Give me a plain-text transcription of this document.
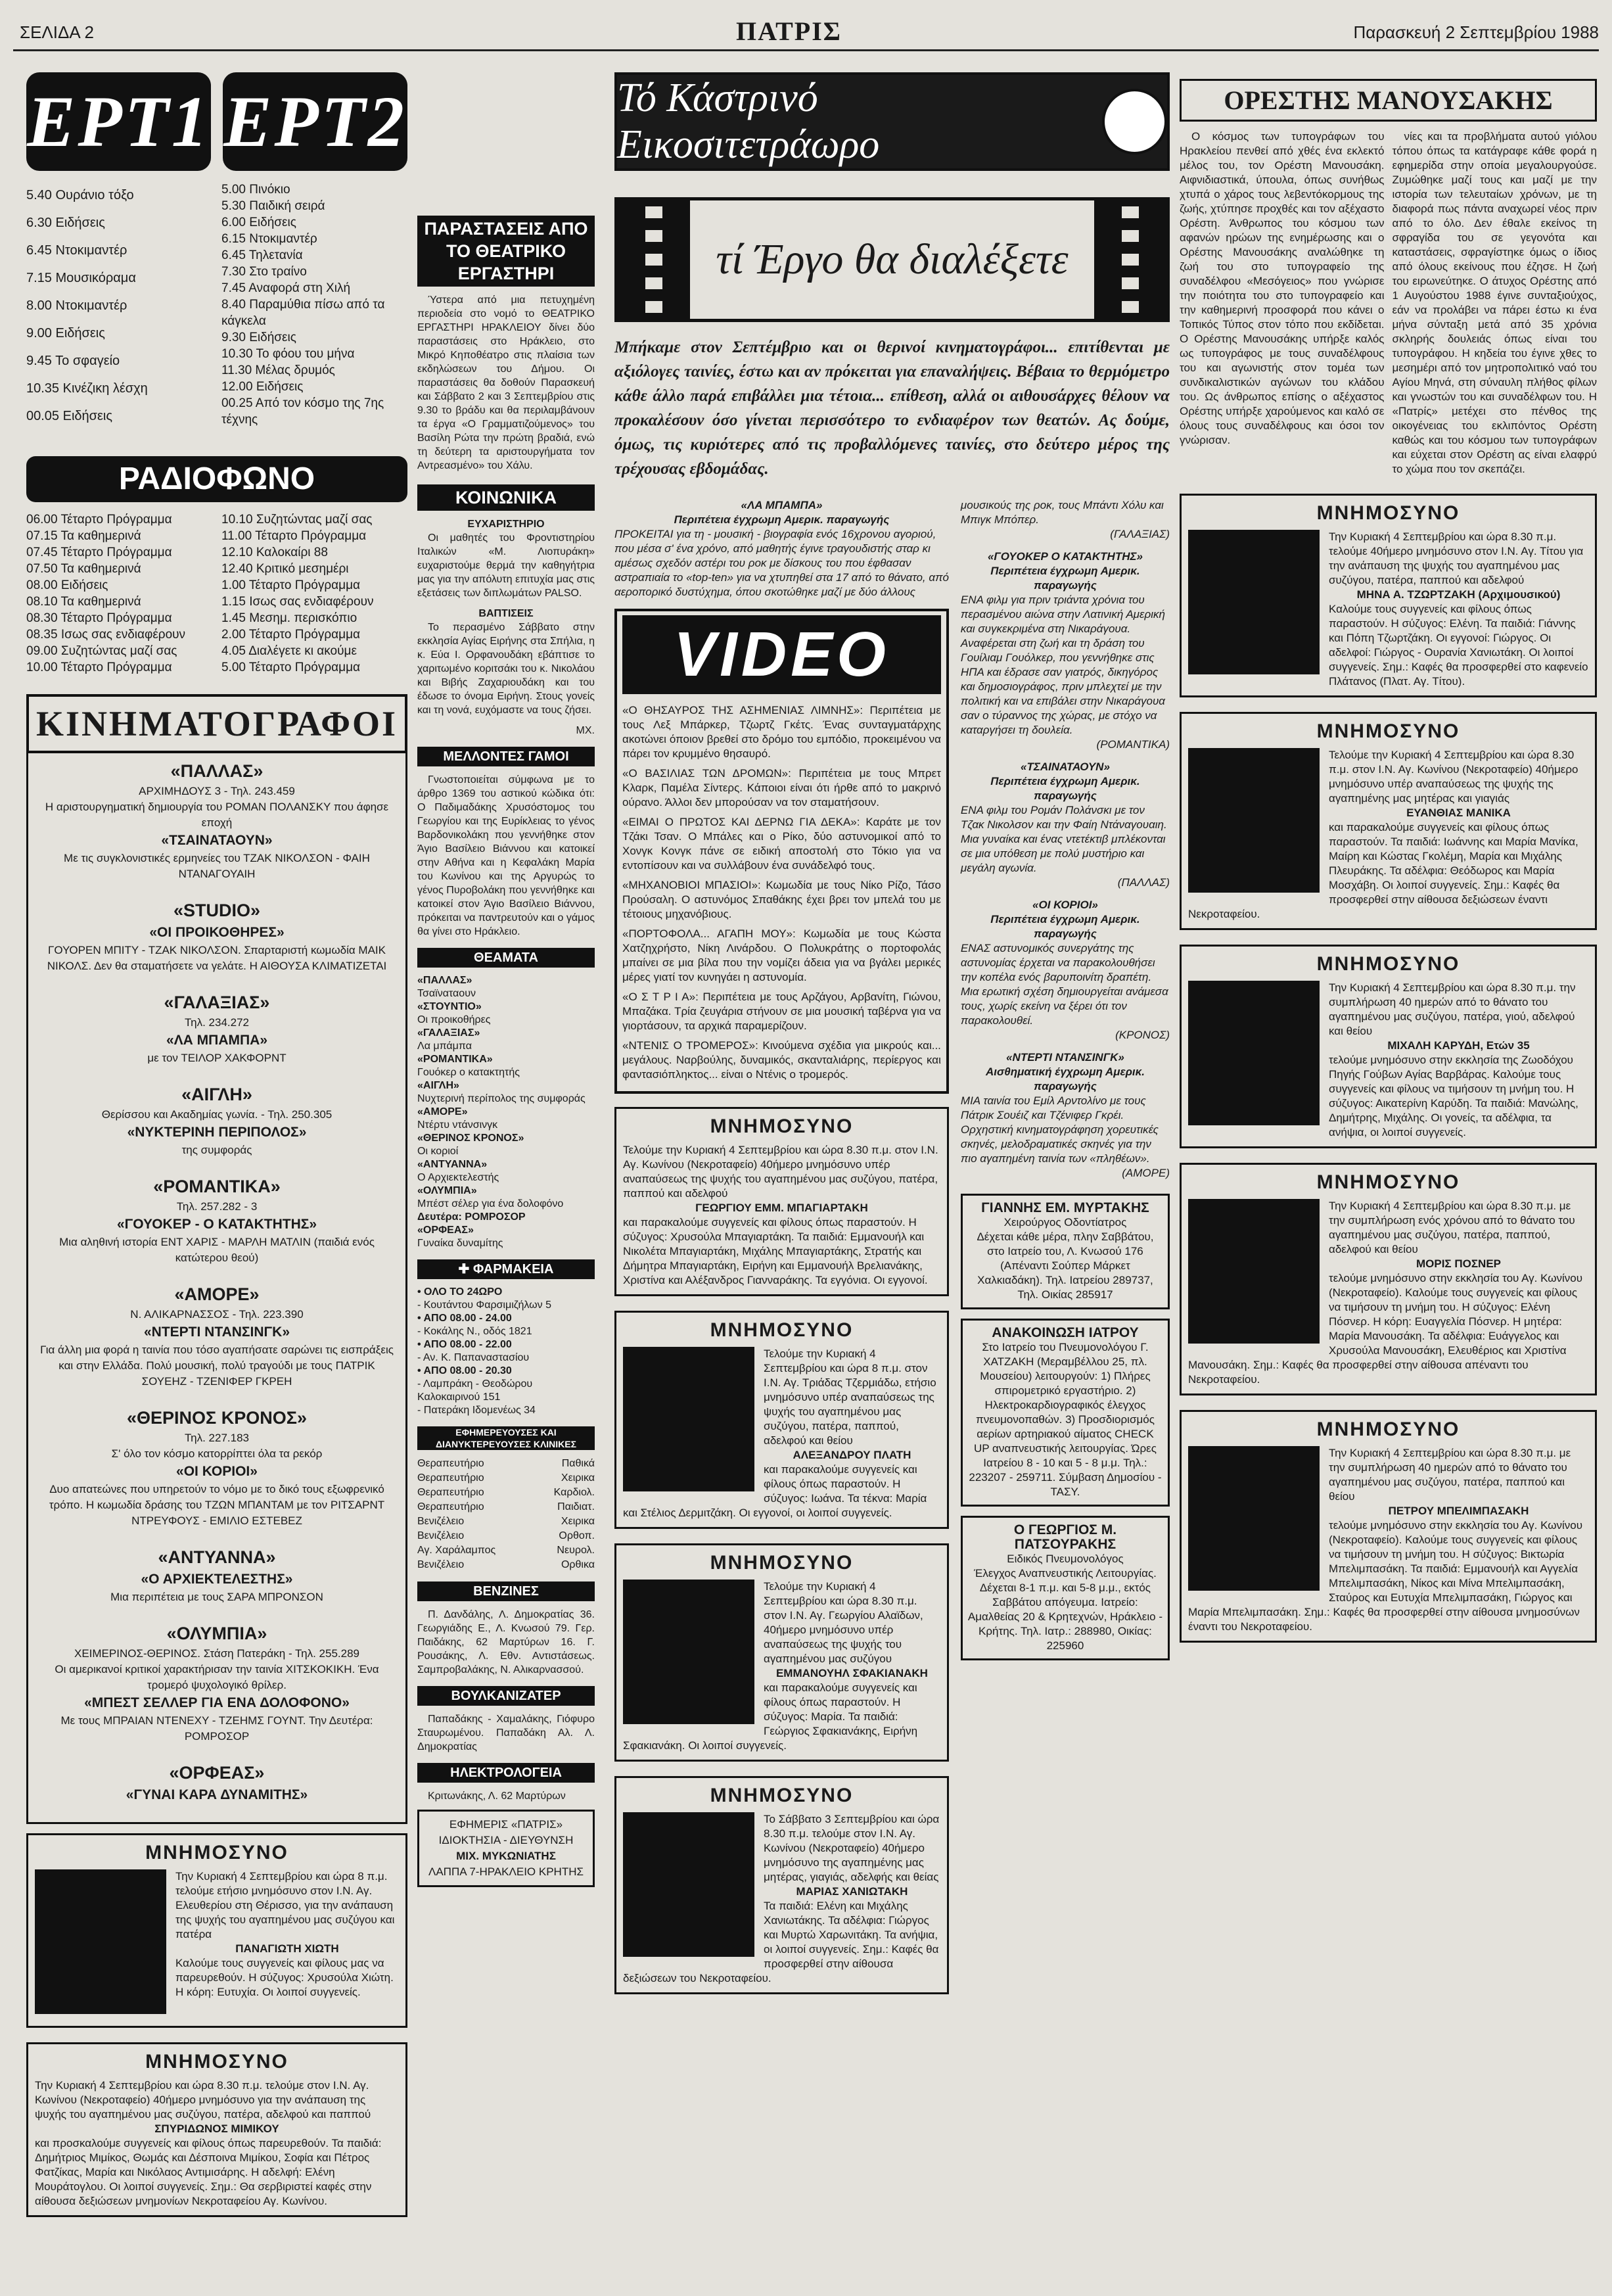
ΣΕΛΙΔΑ 2	ΠΑΤΡΙΣ	Παρασκευή 2 Σεπτεμβρίου 1988
ΕΡΤ1 ΕΡΤ2
5.40 Ουράνιο τόξο
6.30 Ειδήσεις
6.45 Ντοκιμαντέρ
7.15 Μουσικόραμα
8.00 Ντοκιμαντέρ
9.00 Ειδήσεις
9.45 Το σφαγείο
10.35 Κινέζικη λέσχη
00.05 Ειδήσεις
5.00 Πινόκιο
5.30 Παιδική σειρά
6.00 Ειδήσεις
6.15 Ντοκιμαντέρ
6.45 Τηλετανία
7.30 Στο τραίνο
7.45 Αναφορά στη Χιλή
8.40 Παραμύθια πίσω από τα κάγκελα
9.30 Ειδήσεις
10.30 Το φόου του μήνα
11.30 Μέλας δρυμός
12.00 Ειδήσεις
00.25 Από τον κόσμο της 7ης τέχνης
ΡΑΔΙΟΦΩΝΟ
06.00 Τέταρτο Πρόγραμμα
07.15 Τα καθημερινά
07.45 Τέταρτο Πρόγραμμα
07.50 Τα καθημερινά
08.00 Ειδήσεις
08.10 Τα καθημερινά
08.30 Τέταρτο Πρόγραμμα
08.35 Ισως σας ενδιαφέρουν
09.00 Συζητώντας μαζί σας
10.00 Τέταρτο Πρόγραμμα
10.10 Συζητώντας μαζί σας
11.00 Τέταρτο Πρόγραμμα
12.10 Καλοκαίρι 88
12.40 Κριτικό μεσημέρι
1.00 Τέταρτο Πρόγραμμα
1.15 Ισως σας ενδιαφέρουν
1.45 Μεσημ. περισκόπιο
2.00 Τέταρτο Πρόγραμμα
4.05 Διαλέγετε κι ακούμε
5.00 Τέταρτο Πρόγραμμα
ΚΙΝΗΜΑΤΟΓΡΑΦΟΙ
«ΠΑΛΛΑΣ»
ΑΡΧΙΜΗΔΟΥΣ 3 - Τηλ. 243.459
Η αριστουργηματική δημιουργία του ΡΟΜΑΝ ΠΟΛΑΝΣΚΥ που άφησε εποχή
«ΤΣΑΙΝΑΤΑΟΥΝ»
Με τις συγκλονιστικές ερμηνείες του ΤΖΑΚ ΝΙΚΟΛΣΟΝ - ΦΑΙΗ ΝΤΑΝΑΓΟΥΑΙΗ
«STUDIO»
«ΟΙ ΠΡΟΙΚΟΘΗΡΕΣ»
ΓΟΥΟΡΕΝ ΜΠΙΤΥ - ΤΖΑΚ ΝΙΚΟΛΣΟΝ. Σπαρταριστή κωμωδία ΜΑΙΚ ΝΙΚΟΛΣ. Δεν θα σταματήσετε να γελάτε. Η ΑΙΘΟΥΣΑ ΚΛΙΜΑΤΙΖΕΤΑΙ
«ΓΑΛΑΞΙΑΣ»
Τηλ. 234.272
«ΛΑ ΜΠΑΜΠΑ»
με τον ΤΕΙΛΟΡ ΧΑΚΦΟΡΝΤ
«ΑΙΓΛΗ»
Θερίσσου και Ακαδημίας γωνία. - Τηλ. 250.305
«ΝΥΚΤΕΡΙΝΗ ΠΕΡΙΠΟΛΟΣ»
της συμφοράς
«ΡΟΜΑΝΤΙΚΑ»
Τηλ. 257.282 - 3
«ΓΟΥΟΚΕΡ - Ο ΚΑΤΑΚΤΗΤΗΣ»
Μια αληθινή ιστορία ΕΝΤ ΧΑΡΙΣ - ΜΑΡΛΗ ΜΑΤΛΙΝ (παιδιά ενός κατώτερου θεού)
«ΑΜΟΡΕ»
Ν. ΑΛΙΚΑΡΝΑΣΣΟΣ - Τηλ. 223.390
«ΝΤΕΡΤΙ ΝΤΑΝΣΙΝΓΚ»
Για άλλη μια φορά η ταινία που τόσο αγαπήσατε σαρώνει τις εισπράξεις και στην Ελλάδα. Πολύ μουσική, πολύ τραγούδι με τους ΠΑΤΡΙΚ ΣΟΥΕΗΖ - ΤΖΕΝΙΦΕΡ ΓΚΡΕΗ
«ΘΕΡΙΝΟΣ ΚΡΟΝΟΣ»
Τηλ. 227.183
Σ' όλο τον κόσμο κατορρίπτει όλα τα ρεκόρ
«ΟΙ ΚΟΡΙΟΙ»
Δυο απατεώνες που υπηρετούν το νόμο με το δικό τους εξωφρενικό τρόπο. Η κωμωδία δράσης του ΤΖΩΝ ΜΠΑΝΤΑΜ με τον ΡΙΤΣΑΡΝΤ ΝΤΡΕΥΦΟΥΣ - ΕΜΙΛΙΟ ΕΣΤΕΒΕΖ
«ΑΝΤΥΑΝΝΑ»
«Ο ΑΡΧΙΕΚΤΕΛΕΣΤΗΣ»
Μια περιπέτεια με τους ΣΑΡΑ ΜΠΡΟΝΣΟΝ
«ΟΛΥΜΠΙΑ»
ΧΕΙΜΕΡΙΝΟΣ-ΘΕΡΙΝΟΣ. Στάση Πατεράκη - Τηλ. 255.289
Οι αμερικανοί κριτικοί χαρακτήρισαν την ταινία ΧΙΤΣΚΟΚΙΚΗ. Ένα τρομερό ψυχολογικό θρίλερ.
«ΜΠΕΣΤ ΣΕΛΛΕΡ ΓΙΑ ΕΝΑ ΔΟΛΟΦΟΝΟ»
Με τους ΜΠΡΑΙΑΝ ΝΤΕΝΕΧΥ - ΤΖΕΗΜΣ ΓΟΥΝΤ. Την Δευτέρα: ΡΟΜΡΟΣΟΡ
«ΟΡΦΕΑΣ»
«ΓΥΝΑΙ ΚΑΡΑ ΔΥΝΑΜΙΤΗΣ»
ΜΝΗΜΟΣΥΝΟ
Την Κυριακή 4 Σεπτεμβρίου και ώρα 8 π.μ. τελούμε ετήσιο μνημόσυνο στον Ι.Ν. Αγ. Ελευθερίου στη Θέρισσο, για την ανάπαυση της ψυχής του αγαπημένου μας συζύγου και πατέρα
ΠΑΝΑΓΙΩΤΗ ΧΙΩΤΗ
Καλούμε τους συγγενείς και φίλους μας να παρευρεθούν. Η σύζυγος: Χρυσούλα Χιώτη. Η κόρη: Ευτυχία. Οι λοιποί συγγενείς.
ΜΝΗΜΟΣΥΝΟ
Την Κυριακή 4 Σεπτεμβρίου και ώρα 8.30 π.μ. τελούμε στον Ι.Ν. Αγ. Κωνίνου (Νεκροταφείο) 40ήμερο μνημόσυνο για την ανάπαυση της ψυχής του αγαπημένου μας συζύγου, πατέρα, αδελφού και παππού
ΣΠΥΡΙΔΩΝΟΣ ΜΙΜΙΚΟΥ
και προσκαλούμε συγγενείς και φίλους όπως παρευρεθούν. Τα παιδιά: Δημήτριος Μιμίκος, Θωμάς και Δέσποινα Μιμίκου, Σοφία και Πέτρος Φατζίκας, Μαρία και Νικόλαος Αντιμισάρης. Η αδελφή: Ελένη Μουράτογλου. Οι λοιποί συγγενείς. Σημ.: Θα σερβιριστεί καφές στην αίθουσα δεξιώσεων μνημονίων Νεκροταφείου Αγ. Κωνίνου.
ΠΑΡΑΣΤΑΣΕΙΣ ΑΠΟ ΤΟ ΘΕΑΤΡΙΚΟ ΕΡΓΑΣΤΗΡΙ

Ύστερα από μια πετυχημένη περιοδεία στο νομό το ΘΕΑΤΡΙΚΟ ΕΡΓΑΣΤΗΡΙ ΗΡΑΚΛΕΙΟΥ δίνει δύο παραστάσεις στο Ηράκλειο, στο Μικρό Κηποθέατρο στις πλαίσια των εκδηλώσεων του Δήμου. Οι παραστάσεις θα δοθούν Παρασκευή και Σάββατο 2 και 3 Σεπτεμβρίου στις 9.30 το βράδυ και θα περιλαμβάνουν τα έργα «Ο Γραμματιζούμενος» του Βασίλη Ρώτα την πρώτη βραδιά, ενώ τη δεύτερη τα αριστουργήματα τον Αντρεασμένο» του Χάλυ.

ΚΟΙΝΩΝΙΚΑ
ΕΥΧΑΡΙΣΤΗΡΙΟ

Οι μαθητές του Φροντιστηρίου Ιταλικών «Μ. Λιοπυράκη» ευχαριστούμε θερμά την καθηγήτρια μας για την απόλυτη επιτυχία μας στις εξετάσεις των διπλωμάτων PALSO.

ΒΑΠΤΙΣΕΙΣ

Το περασμένο Σάββατο στην εκκλησία Αγίας Ειρήνης στα Σπήλια, η κ. Εύα Ι. Ορφανουδάκη εβάπτισε το χαριτωμένο κοριτσάκι του κ. Νικολάου και Βιβής Ζαχαριουδάκη και του έδωσε το όνομα Ειρήνη. Στους γονείς και τη νονά, ευχόμαστε να τους ζήσει.

ΜΧ.
ΜΕΛΛΟΝΤΕΣ ΓΑΜΟΙ

Γνωστοποιείται σύμφωνα με το άρθρο 1369 του αστικού κώδικα ότι: Ο Παδιμαδάκης Χρυσόστομος του Γεωργίου και της Ευρίκλειας το γένος Βαρδονικολάκη που γεννήθηκε στον Άγιο Βασίλειο Βιάννου και κατοικεί στην Αθήνα και η Κεφαλάκη Μαρία του Κωνίνου και της Αργυρώς το γένος Πυροβολάκη που γεννήθηκε και κατοικεί στον Άγιο Βασίλειο Βιάννου, πρόκειται να παντρευτούν και ο γάμος θα γίνει στο Ηράκλειο.

ΘΕΑΜΑΤΑ
«ΠΑΛΛΑΣ»
Τσαϊναταουν
«ΣΤΟΥΝΤΙΟ»
Οι προικοθήρες
«ΓΑΛΑΞΙΑΣ»
Λα μπάμπα
«ΡΟΜΑΝΤΙΚΑ»
Γουόκερ ο κατακτητής
«ΑΙΓΛΗ»
Νυχτερινή περίπολος της συμφοράς
«ΑΜΟΡΕ»
Ντέρτυ ντάνσινγκ
«ΘΕΡΙΝΟΣ ΚΡΟΝΟΣ»
Οι κοριοί
«ΑΝΤΥΑΝΝΑ»
Ο Αρχιεκτελεστής
«ΟΛΥΜΠΙΑ»
Μπέστ σέλερ για ένα δολοφόνο
Δευτέρα: ΡΟΜΡΟΣΟΡ
«ΟΡΦΕΑΣ»
Γυναίκα δυναμίτης
✚ ΦΑΡΜΑΚΕΙΑ
• ΟΛΟ ΤΟ 24ΩΡΟ
- Κουτάντου Φαρσιμιζήλων 5
• ΑΠΟ 08.00 - 24.00
- Κοκάλης Ν., οδός 1821
• ΑΠΟ 08.00 - 22.00
- Αν. Κ. Παπαναστασίου
• ΑΠΟ 08.00 - 20.30
- Λαμπράκη - Θεοδώρου Καλοκαιρινού 151
- Πατεράκη Ιδομενέως 34
ΕΦΗΜΕΡΕΥΟΥΣΕΣ ΚΑΙ ΔΙΑΝΥΚΤΕΡΕΥΟΥΣΕΣ ΚΛΙΝΙΚΕΣ
Θεραπευτήριο	Παθικά
Θεραπευτήριο	Χειρικα
Θεραπευτήριο	Καρδιολ.
Θεραπευτήριο	Παιδιατ.
Βενιζέλειο	Χειρικα
Βενιζέλειο	Ορθοπ.
Αγ. Χαράλαμπος	Νευρολ.
Βενιζέλειο	Ορθικα
ΒΕΝΖΙΝΕΣ

Π. Δανδάλης, Λ. Δημοκρατίας 36. Γεωργιάδης Ε., Λ. Κνωσού 79. Γερ. Παιδάκης, 62 Μαρτύρων 16. Γ. Ρουσάκης, Λ. Εθν. Αντιστάσεως. Σαμπροβαλάκης, Ν. Αλικαρνασσού.

ΒΟΥΛΚΑΝΙΖΑΤΕΡ

Παπαδάκης - Χαμαλάκης, Γιόφυρο Σταυρωμένου. Παπαδάκη Αλ. Λ. Δημοκρατίας

ΗΛΕΚΤΡΟΛΟΓΕΙΑ

Κριτωνάκης, Λ. 62 Μαρτύρων

ΕΦΗΜΕΡΙΣ «ΠΑΤΡΙΣ»
ΙΔΙΟΚΤΗΣΙΑ - ΔΙΕΥΘΥΝΣΗ
ΜΙΧ. ΜΥΚΩΝΙΑΤΗΣ
ΛΑΠΠΑ 7-ΗΡΑΚΛΕΙΟ ΚΡΗΤΗΣ
Τό Κάστρινό Εικοσιτετράωρο
τί Έργο θα διαλέξετε
Μπήκαμε στον Σεπτέμβριο και οι θερινοί κινηματογράφοι... επιτίθενται με αξιόλογες ταινίες, έστω και αν πρόκειται για επαναλήψεις. Βέβαια το θερμόμετρο κάθε άλλο παρά επιβάλλει μια τέτοια... επίθεση, αλλά οι αιθουσάρχες θέλουν να προκαλέσουν όσο γίνεται περισσότερο το ενδιαφέρον των θεατών. Ας δούμε, όμως, τις κυριότερες από τις προβαλλόμενες ταινίες, στο δεύτερο μέρος της τρέχουσας εβδομάδας.
«ΛΑ ΜΠΑΜΠΑ»
Περιπέτεια έγχρωμη Αμερικ. παραγωγής
ΠΡΟΚΕΙΤΑΙ για τη - μουσική - βιογραφία ενός 16χρονου αγοριού, που μέσα σ' ένα χρόνο, από μαθητής έγινε τραγουδιστής σταρ κι αμέσως σχεδόν αστέρι του ροκ με δίσκους του που έφθασαν αστραπιαία το «top-ten» για να χτυπηθεί στα 17 από το θάνατο, από αεροπορικό δυστύχημα, όπου σκοτώθηκε μαζί με δύο άλλους
VIDEO

«Ο ΘΗΣΑΥΡΟΣ ΤΗΣ ΑΣΗΜΕΝΙΑΣ ΛΙΜΝΗΣ»: Περιπέτεια με τους Λεξ Μπάρκερ, Τζωρτζ Γκέτς. Ένας συνταγματάρχης ακοτώνει όποιον βρεθεί στο δρόμο του εμπόδιο, προκειμένου να πάρει τον κρυμμένο θησαυρό.

«Ο ΒΑΣΙΛΙΑΣ ΤΩΝ ΔΡΟΜΩΝ»: Περιπέτεια με τους Μπρετ Κλαρκ, Παμέλα Σίντερς. Κάποιοι είναι ότι ήρθε από το μακρινό ούρανο. Άλλοι δεν μπορούσαν να τον σταματήσουν.

«ΕΙΜΑΙ Ο ΠΡΩΤΟΣ ΚΑΙ ΔΕΡΝΩ ΓΙΑ ΔΕΚΑ»: Καράτε με τον Τζάκι Τσαν. Ο Μπάλες και ο Ρίκο, δύο αστυνομικοί από το Χονγκ Κονγκ πάνε σε ειδική αποστολή στο Τόκιο για να εντοπίσουν και να συλλάβουν ένα συνάδελφό τους.

«ΜΗΧΑΝΟΒΙΟΙ ΜΠΑΣΙΟΙ»: Κωμωδία με τους Νίκο Ρίζο, Τάσο Προύσαλη. Ο αστυνόμος Σπαθάκης έχει βρει τον μπελά του με τέτοιους μηχανόβιους.

«ΠΟΡΤΟΦΟΛΑ... ΑΓΑΠΗ ΜΟΥ»: Κωμωδία με τους Κώστα Χατζηχρήστο, Νίκη Λινάρδου. Ο Πολυκράτης ο πορτοφολάς μπαίνει σε μια βίλα που την νομίζει άδεια για να βγάλει μερικές μέρες γιατί τον κυνηγάει η αστυνομία.

«Ο Σ Τ Ρ Ι Α»: Περιπέτεια με τους Αρζάγου, Αρβανίτη, Γιώνου, Μπαζάκα. Τρία ζευγάρια στήνουν σε μια μουσική ταβέρνα για να γιορτάσουν, τα αρχικά παραμερίζουν.

«ΝΤΕΝΙΣ Ο ΤΡΟΜΕΡΟΣ»: Κινούμενα σχέδια για μικρούς και... μεγάλους. Ναρβούλης, δυναμικός, σκανταλιάρης, περίεργος και φαντασιόπληκτος... είναι ο Ντένις ο τρομερός.

ΜΝΗΜΟΣΥΝΟ
Τελούμε την Κυριακή 4 Σεπτεμβρίου και ώρα 8.30 π.μ. στον Ι.Ν. Αγ. Κωνίνου (Νεκροταφείο) 40ήμερο μνημόσυνο υπέρ αναπαύσεως της ψυχής του αγαπημένου μας συζύγου, πατέρα, παππού και αδελφού
ΓΕΩΡΓΙΟΥ ΕΜΜ. ΜΠΑΓΙΑΡΤΑΚΗ
και παρακαλούμε συγγενείς και φίλους όπως παραστούν. Η σύζυγος: Χρυσούλα Μπαγιαρτάκη. Τα παιδιά: Εμμανουήλ και Νικολέτα Μπαγιαρτάκη, Μιχάλης Μπαγιαρτάκης, Στρατής και Δήμητρα Μπαγιαρτάκη, Ειρήνη και Εμμανουήλ Βρελιανάκης, Χριστίνα και Αλέξανδρος Γιανναράκης. Τα εγγόνια. Οι εγγονοί.
ΜΝΗΜΟΣΥΝΟ
Τελούμε την Κυριακή 4 Σεπτεμβρίου και ώρα 8 π.μ. στον Ι.Ν. Αγ. Τριάδας Τζερμιάδω, ετήσιο μνημόσυνο υπέρ αναπαύσεως της ψυχής του αγαπημένου μας συζύγου, πατέρα, παππού, αδελφού και θείου
ΑΛΕΞΑΝΔΡΟΥ ΠΛΑΤΗ
και παρακαλούμε συγγενείς και φίλους όπως παραστούν. Η σύζυγος: Ιωάνα. Τα τέκνα: Μαρία και Στέλιος Δερμιτζάκη. Οι εγγονοί, οι λοιποί συγγενείς.
ΜΝΗΜΟΣΥΝΟ
Τελούμε την Κυριακή 4 Σεπτεμβρίου και ώρα 8.30 π.μ. στον Ι.Ν. Αγ. Γεωργίου Αλαϊδων, 40ήμερο μνημόσυνο υπέρ αναπαύσεως της ψυχής του αγαπημένου μας συζύγου
ΕΜΜΑΝΟΥΗΛ ΣΦΑΚΙΑΝΑΚΗ
και παρακαλούμε συγγενείς και φίλους όπως παραστούν. Η σύζυγος: Μαρία. Τα παιδιά: Γεώργιος Σφακιανάκης, Ειρήνη Σφακιανάκη. Οι λοιποί συγγενείς.
ΜΝΗΜΟΣΥΝΟ
Το Σάββατο 3 Σεπτεμβρίου και ώρα 8.30 π.μ. τελούμε στον Ι.Ν. Αγ. Κωνίνου (Νεκροταφείο) 40ήμερο μνημόσυνο της αγαπημένης μας μητέρας, γιαγιάς, αδελφής και θείας
ΜΑΡΙΑΣ ΧΑΝΙΩΤΑΚΗ
Τα παιδιά: Ελένη και Μιχάλης Χανιωτάκης. Τα αδέλφια: Γιώργος και Μυρτώ Χαρωνιτάκη. Τα ανήψια, οι λοιποί συγγενείς. Σημ.: Καφές θα προσφερθεί στην αίθουσα δεξιώσεων του Νεκροταφείου.
μουσικούς της ροκ, τους Μπάντι Χόλυ και Μπιγκ Μπόπερ.
(ΓΑΛΑΞΙΑΣ)
«ΓΟΥΟΚΕΡ Ο ΚΑΤΑΚΤΗΤΗΣ»
Περιπέτεια έγχρωμη Αμερικ. παραγωγής
ΕΝΑ φιλμ για πριν τριάντα χρόνια του περασμένου αιώνα στην Λατινική Αμερική και συγκεκριμένα στη Νικαράγουα. Αναφέρεται στη ζωή και τη δράση του Γουίλιαμ Γουόλκερ, που γεννήθηκε στις ΗΠΑ και έδρασε σαν γιατρός, δικηγόρος και δημοσιογράφος, πριν μπλεχτεί με την πολιτική και να επιβάλει στην Νικαράγουα σαν ο τύραννος της χώρας, με στόχο να καταργήσει τη δουλεία.
(ΡΟΜΑΝΤΙΚΑ)
«ΤΣΑΙΝΑΤΑΟΥΝ»
Περιπέτεια έγχρωμη Αμερικ. παραγωγής
ΕΝΑ φιλμ του Ρομάν Πολάνσκι με τον Τζακ Νικολσον και την Φαίη Ντάναγουαιη. Μια γυναίκα και ένας ντετέκτιβ μπλέκονται σε μια υπόθεση με πολύ μυστήριο και μεγάλη αγωνία.
(ΠΑΛΛΑΣ)
«ΟΙ ΚΟΡΙΟΙ»
Περιπέτεια έγχρωμη Αμερικ. παραγωγής
ΕΝΑΣ αστυνομικός συνεργάτης της αστυνομίας έρχεται να παρακολουθήσει την κοπέλα ενός βαρυποινίτη δραπέτη. Μια ερωτική σχέση δημιουργείται ανάμεσα τους, χωρίς εκείνη να ξέρει ότι τον παρακολουθεί.
(ΚΡΟΝΟΣ)
«ΝΤΕΡΤΙ ΝΤΑΝΣΙΝΓΚ»
Αισθηματική έγχρωμη Αμερικ. παραγωγής
ΜΙΑ ταινία του Εμίλ Αρντολίνο με τους Πάτρικ Σουέιζ και Τζένιφερ Γκρέι. Ορχηστική κινηματογράφηση χορευτικές σκηνές, μελοδραματικές σκηνές για την πιο αγαπημένη ταινία των «πληθέων».
(ΑΜΟΡΕ)
ΓΙΑΝΝΗΣ ΕΜ. ΜΥΡΤΑΚΗΣ
Χειρούργος Οδοντίατρος
Δέχεται κάθε μέρα, πλην Σαββάτου, στο Ιατρείο του, Λ. Κνωσού 176 (Απέναντι Σούπερ Μάρκετ Χαλκιαδάκη). Τηλ. Ιατρείου 289737, Τηλ. Οικίας 285917
ΑΝΑΚΟΙΝΩΣΗ ΙΑΤΡΟΥ
Στο Ιατρείο του Πνευμονολόγου Γ. ΧΑΤΖΑΚΗ (Μεραμβέλλου 25, πλ. Μουσείου) λειτουργούν: 1) Πλήρες σπιρομετρικό εργαστήριο. 2) Ηλεκτροκαρδιογραφικός έλεγχος πνευμονοπαθών. 3) Προσδιορισμός αερίων αρτηριακού αίματος CHECK UP αναπνευστικής λειτουργίας. Ώρες Ιατρείου 8 - 10 και 5 - 8 μ.μ. Τηλ.: 223207 - 259711. Σύμβαση Δημοσίου - ΤΑΣΥ.
Ο ΓΕΩΡΓΙΟΣ Μ. ΠΑΤΣΟΥΡΑΚΗΣ
Ειδικός Πνευμονολόγος
Έλεγχος Αναπνευστικής Λειτουργίας. Δέχεται 8-1 π.μ. και 5-8 μ.μ., εκτός Σαββάτου απόγευμα. Ιατρείο: Αμαλθείας 20 & Κρητεχνών, Ηράκλειο - Κρήτης. Τηλ. Ιατρ.: 288980, Οικίας: 225960
ΟΡΕΣΤΗΣ ΜΑΝΟΥΣΑΚΗΣ

Ο κόσμος των τυπογράφων του Ηρακλείου πενθεί από χθές ένα εκλεκτό μέλος του, τον Ορέστη Μανουσάκη. Αιφνιδιαστικά, ύπουλα, όπως συνήθως χτυπά ο χάρος τους λεβεντόκορμους της ζωής, χτύπησε προχθές και τον αξέχαστο Ορέστη. Άνθρωπος του κόσμου των αφανών ηρώων της ενημέρωσης και ο Ορέστης Μανουσάκης αναλώθηκε τη ζωή του στο τυπογραφείο της συναδέλφου «Μεσόγειος» που γνώρισε την ποιότητα του στο τυπογραφείο και την καθημερινή προσφορά που κάνει ο Τοπικός Τύπος στον τόπο που εκδίδεται. Ο Ορέστης Μανουσάκης υπήρξε καλός ως τυπογράφος με τους συναδέλφους του και αγωνιστής στον τομέα των συνδικαλιστικών αγώνων του κλάδου του. Ως άνθρωπος επίσης ο αξέχαστος Ορέστης υπήρξε χαρούμενος και καλό σε όλους τους συναδέλφους και όσοι τον γνώρισαν.

νίες και τα προβλήματα αυτού γιόλου τόπου όπως τα κατάγραφε κάθε φορά η εφημερίδα στην οποία μεγαλουργούσε. Ζυμώθηκε μαζί τους και μαζί με την ιστορία των τελευταίων χρόνων, με τη διαφορά πως πάντα αναχωρεί νέος πριν από το όλο. Δεν έθαλε εκείνος τη σφραγίδα του σε γεγονότα και καταστάσεις, σφραγίστηκε όμως ο ίδιος από όλους εκείνους που έζησε. Η ζωή του ειρωνεύτηκε. Ο άτυχος Ορέστης από 1 Αυγούστου 1988 έγινε συνταξιούχος, εάν να προλάβει να πάρει έστω κι ένα μήνα σύνταξη μετά από 35 χρόνια σκληρής δουλειάς όπως είναι του τυπογράφου. Η κηδεία του έγινε χθες το μεσημέρι από τον μητροπολιτικό ναό του Αγίου Μηνά, στη σύναυλη πλήθος φίλων και γνωστών του και συναδέλφων του. Η «Πατρίς» μετέχει στο πένθος της οικογένειας του εκλιπόντος Ορέστη καθώς και του κόσμου των τυπογράφων και εύχεται στον Ορέστη ας είναι ελαφρύ το χώμα που τον σκεπάζει.

ΜΝΗΜΟΣΥΝΟ
Την Κυριακή 4 Σεπτεμβρίου και ώρα 8.30 π.μ. τελούμε 40ήμερο μνημόσυνο στον Ι.Ν. Αγ. Τίτου για την ανάπαυση της ψυχής του αγαπημένου μας συζύγου, πατέρα, παππού και αδελφού
ΜΗΝΑ Α. ΤΖΩΡΤΖΑΚΗ (Αρχιμουσικού)
Καλούμε τους συγγενείς και φίλους όπως παραστούν. Η σύζυγος: Ελένη. Τα παιδιά: Γιάννης και Πόπη Τζωρτζάκη. Οι εγγονοί: Γιώργος. Οι αδελφοί: Γιώργος - Ουρανία Χανιωτάκη. Οι λοιποί συγγενείς. Σημ.: Καφές θα προσφερθεί στο καφενείο Πλάτανος (Πλατ. Αγ. Τίτου).
ΜΝΗΜΟΣΥΝΟ
Τελούμε την Κυριακή 4 Σεπτεμβρίου και ώρα 8.30 π.μ. στον Ι.Ν. Αγ. Κωνίνου (Νεκροταφείο) 40ήμερο μνημόσυνο υπέρ αναπαύσεως της ψυχής της αγαπημένης μας μητέρας και γιαγιάς
ΕΥΑΝΘΙΑΣ ΜΑΝΙΚΑ
και παρακαλούμε συγγενείς και φίλους όπως παραστούν. Τα παιδιά: Ιωάννης και Μαρία Μανίκα, Μαίρη και Κώστας Γκολέμη, Μαρία και Μιχάλης Πλευράκης. Τα αδέλφια: Θεόδωρος και Μαρία Μοσχάβη. Οι λοιποί συγγενείς. Σημ.: Καφές θα προσφερθεί στην αίθουσα δεξιώσεων έναντι Νεκροταφείου.
ΜΝΗΜΟΣΥΝΟ
Την Κυριακή 4 Σεπτεμβρίου και ώρα 8.30 π.μ. την συμπλήρωση 40 ημερών από το θάνατο του αγαπημένου μας συζύγου, πατέρα, γιού, αδελφού και θείου
ΜΙΧΑΛΗ ΚΑΡΥΔΗ, Ετών 35
τελούμε μνημόσυνο στην εκκλησία της Ζωοδόχου Πηγής Γούβων Αγίας Βαρβάρας. Καλούμε τους συγγενείς και φίλους να τιμήσουν τη μνήμη του. Η σύζυγος: Αικατερίνη Καρύδη. Τα παιδιά: Μανώλης, Δημήτρης, Μιχάλης. Οι γονείς, τα αδέλφια, τα ανήψια, οι λοιποί συγγενείς.
ΜΝΗΜΟΣΥΝΟ
Την Κυριακή 4 Σεπτεμβρίου και ώρα 8.30 π.μ. με την συμπλήρωση ενός χρόνου από το θάνατο του αγαπημένου μας συζύγου, πατέρα, παππού, αδελφού και θείου
ΜΟΡΙΣ ΠΟΣΝΕΡ
τελούμε μνημόσυνο στην εκκλησία του Αγ. Κωνίνου (Νεκροταφείο). Καλούμε τους συγγενείς και φίλους να τιμήσουν τη μνήμη του. Η σύζυγος: Ελένη Πόσνερ. Η κόρη: Ευαγγελία Πόσνερ. Η μητέρα: Μαρία Μανουσάκη. Τα αδέλφια: Ευάγγελος και Χρυσούλα Μανουσάκη, Ελευθέριος και Χριστίνα Μανουσάκη. Σημ.: Καφές θα προσφερθεί στην αίθουσα απέναντι του Νεκροταφείου.
ΜΝΗΜΟΣΥΝΟ
Την Κυριακή 4 Σεπτεμβρίου και ώρα 8.30 π.μ. με την συμπλήρωση 40 ημερών από το θάνατο του αγαπημένου μας συζύγου, πατέρα, παππού και θείου
ΠΕΤΡΟΥ ΜΠΕΛΙΜΠΑΣΑΚΗ
τελούμε μνημόσυνο στην εκκλησία του Αγ. Κωνίνου (Νεκροταφείο). Καλούμε τους συγγενείς και φίλους να τιμήσουν τη μνήμη του. Η σύζυγος: Βικτωρία Μπελιμπασάκη. Τα παιδιά: Εμμανουήλ και Αγγελία Μπελιμπασάκη, Νίκος και Μίνα Μπελιμπασάκη, Σταύρος και Ευτυχία Μπελιμπασάκη, Γιώργος και Μαρία Μπελιμπασάκη. Σημ.: Καφές θα προσφερθεί στην αίθουσα μνημοσύνων έναντι του Νεκροταφείου.
